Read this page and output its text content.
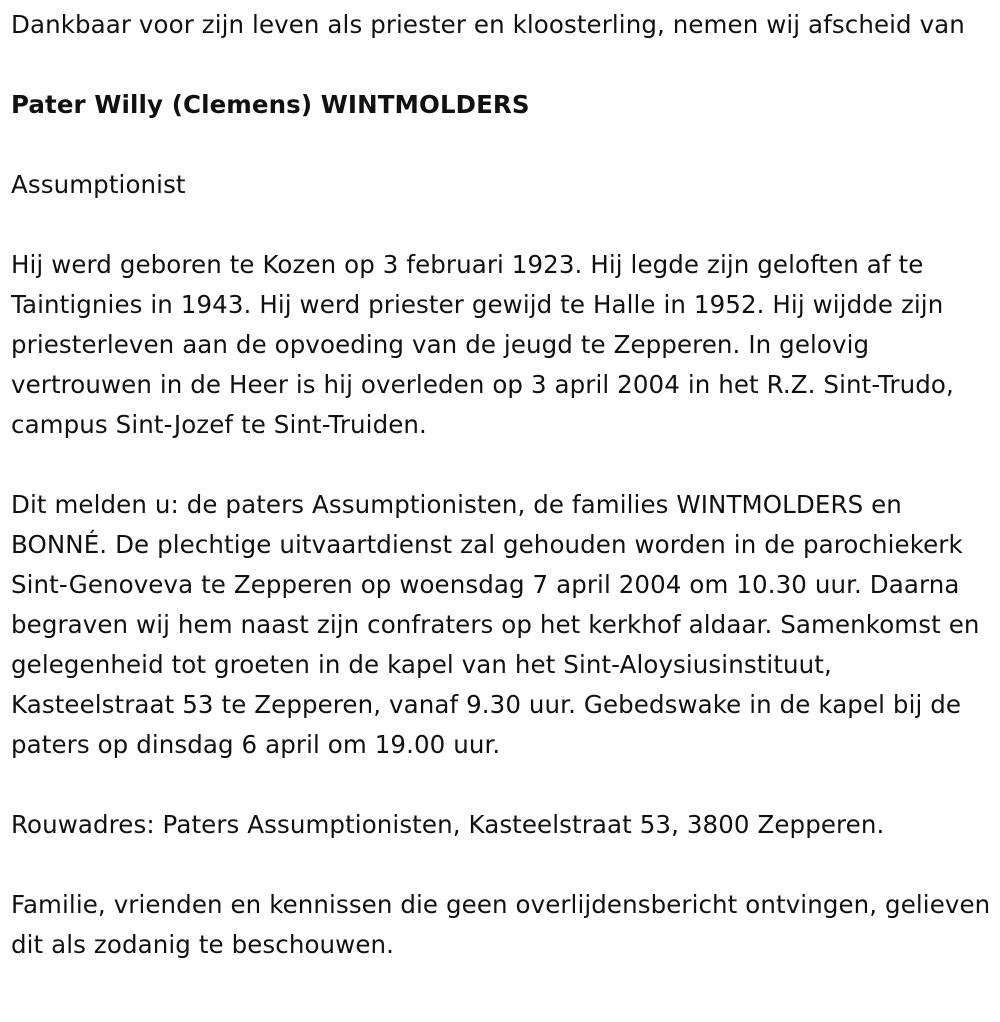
Dankbaar voor zijn leven als priester en kloosterling, nemen wij afscheid van

Pater Willy (Clemens) WINTMOLDERS

Assumptionist

Hij werd geboren te Kozen op 3 februari 1923. Hij legde zijn geloften af te Taintignies in 1943. Hij werd priester gewijd te Halle in 1952. Hij wijdde zijn priesterleven aan de opvoeding van de jeugd te Zepperen. In gelovig vertrouwen in de Heer is hij overleden op 3 april 2004 in het R.Z. Sint-Trudo, campus Sint-Jozef te Sint-Truiden.

Dit melden u: de paters Assumptionisten, de families WINTMOLDERS en BONNÉ. De plechtige uitvaartdienst zal gehouden worden in de parochiekerk Sint-Genoveva te Zepperen op woensdag 7 april 2004 om 10.30 uur. Daarna begraven wij hem naast zijn confraters op het kerkhof aldaar. Samenkomst en gelegenheid tot groeten in de kapel van het Sint-Aloysiusinstituut, Kasteelstraat 53 te Zepperen, vanaf 9.30 uur. Gebedswake in de kapel bij de paters op dinsdag 6 april om 19.00 uur.

Rouwadres: Paters Assumptionisten, Kasteelstraat 53, 3800 Zepperen.

Familie, vrienden en kennissen die geen overlijdensbericht ontvingen, gelieven dit als zodanig te beschouwen.
